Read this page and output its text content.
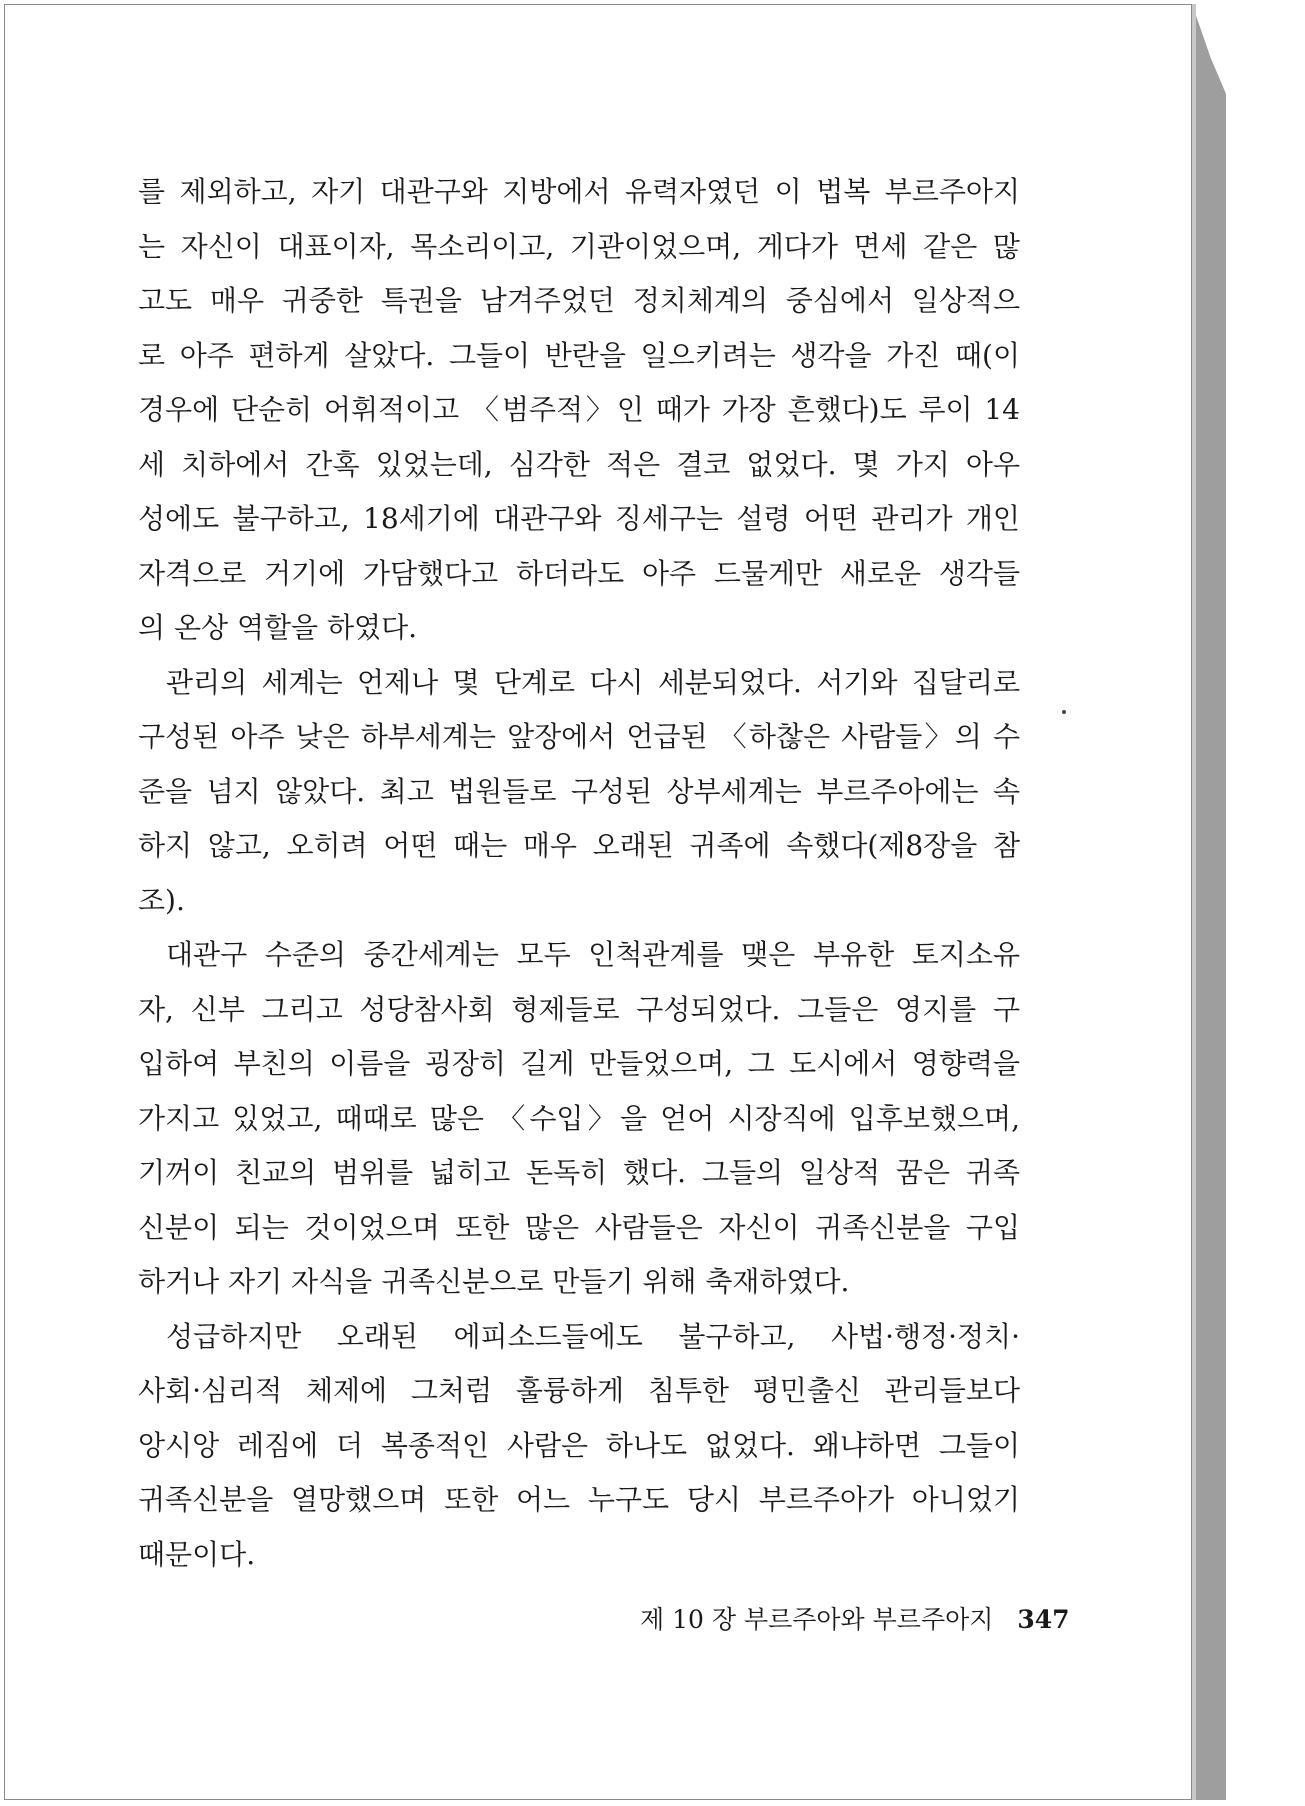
를 제외하고, 자기 대관구와 지방에서 유력자였던 이 법복 부르주아지
는 자신이 대표이자, 목소리이고, 기관이었으며, 게다가 면세 같은 많
고도 매우 귀중한 특권을 남겨주었던 정치체계의 중심에서 일상적으
로 아주 편하게 살았다. 그들이 반란을 일으키려는 생각을 가진 때(이
경우에 단순히 어휘적이고 〈범주적〉인 때가 가장 흔했다)도 루이 14
세 치하에서 간혹 있었는데, 심각한 적은 결코 없었다. 몇 가지 아우
성에도 불구하고, 18세기에 대관구와 징세구는 설령 어떤 관리가 개인
자격으로 거기에 가담했다고 하더라도 아주 드물게만 새로운 생각들
의 온상 역할을 하였다.

관리의 세계는 언제나 몇 단계로 다시 세분되었다. 서기와 집달리로
구성된 아주 낮은 하부세계는 앞장에서 언급된 〈하찮은 사람들〉의 수
준을 넘지 않았다. 최고 법원들로 구성된 상부세계는 부르주아에는 속
하지 않고, 오히려 어떤 때는 매우 오래된 귀족에 속했다(제8장을 참
조).

대관구 수준의 중간세계는 모두 인척관계를 맺은 부유한 토지소유
자, 신부 그리고 성당참사회 형제들로 구성되었다. 그들은 영지를 구
입하여 부친의 이름을 굉장히 길게 만들었으며, 그 도시에서 영향력을
가지고 있었고, 때때로 많은 〈수입〉을 얻어 시장직에 입후보했으며,
기꺼이 친교의 범위를 넓히고 돈독히 했다. 그들의 일상적 꿈은 귀족
신분이 되는 것이었으며 또한 많은 사람들은 자신이 귀족신분을 구입
하거나 자기 자식을 귀족신분으로 만들기 위해 축재하였다.

성급하지만 오래된 에피소드들에도 불구하고, 사법·행정·정치·
사회·심리적 체제에 그처럼 훌륭하게 침투한 평민출신 관리들보다
앙시앙 레짐에 더 복종적인 사람은 하나도 없었다. 왜냐하면 그들이
귀족신분을 열망했으며 또한 어느 누구도 당시 부르주아가 아니었기
때문이다.

제 10 장 부르주아와 부르주아지 347
